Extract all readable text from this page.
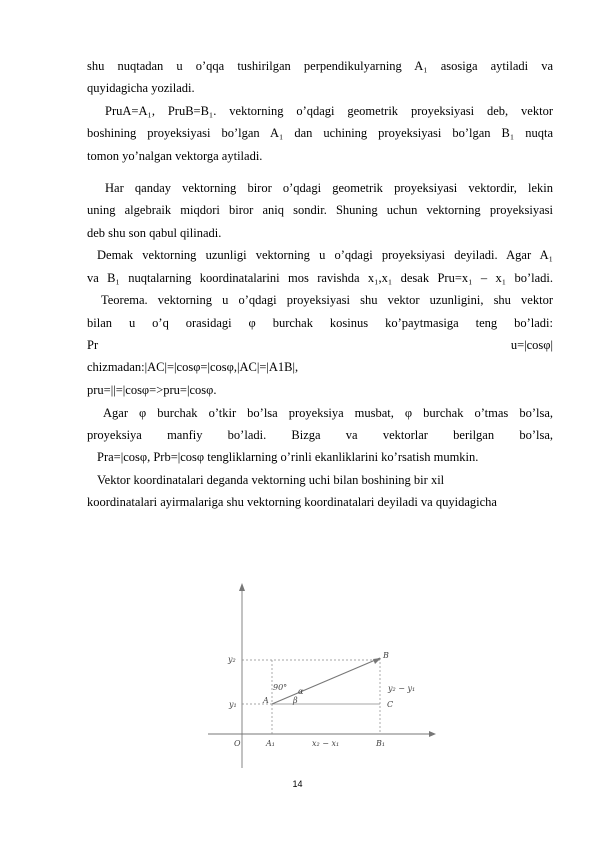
shu nuqtadan u o’qqa tushirilgan perpendikulyarning A₁ asosiga aytiladi va
quyidagicha yoziladi.
PruA=A₁, PruB=B₁. vektorning o’qdagi geometrik proyeksiyasi deb, vektor
boshining proyeksiyasi bo’lgan A₁ dan uchining proyeksiyasi bo’lgan B₁ nuqta
tomon yo’nalgan vektorga aytiladi.
Har qanday vektorning biror o’qdagi geometrik proyeksiyasi vektordir, lekin
uning algebraik miqdori biror aniq sondir. Shuning uchun vektorning proyeksiyasi
deb shu son qabul qilinadi.
Demak vektorning uzunligi vektorning u o’qdagi proyeksiyasi deyiladi. Agar A₁
va B₁ nuqtalarning koordinatalarini mos ravishda x₁,x₁ desak Pru=x₁ – x₁ bo’ladi.
Teorema. vektorning u o’qdagi proyeksiyasi shu vektor uzunligini, shu vektor
bilan u o’q orasidagi φ burchak kosinus ko’paytmasiga teng bo’ladi:
Pr	u=|cosφ|
chizmadan:|AC|=|cosφ=|cosφ,|AC|=|A1B|,
pru=||=|cosφ=>pru=|cosφ.
Agar φ burchak o’tkir bo’lsa proyeksiya musbat, φ burchak o’tmas bo’lsa,
proyeksiya manfiy bo’ladi. Bizga va vektorlar berilgan bo’lsa,
Pra=|cosφ, Prb=|cosφ tengliklarning o’rinli ekanliklarini ko’rsatish mumkin.
Vektor koordinatalari deganda vektorning uchi bilan boshining bir xil
koordinatalari ayirmalariga shu vektorning koordinatalari deyiladi va quyidagicha
O
y₂
y₁
A₁	B₁
A
B
C
90° α
β
y₂ − y₁
x₂ − x₁
14
